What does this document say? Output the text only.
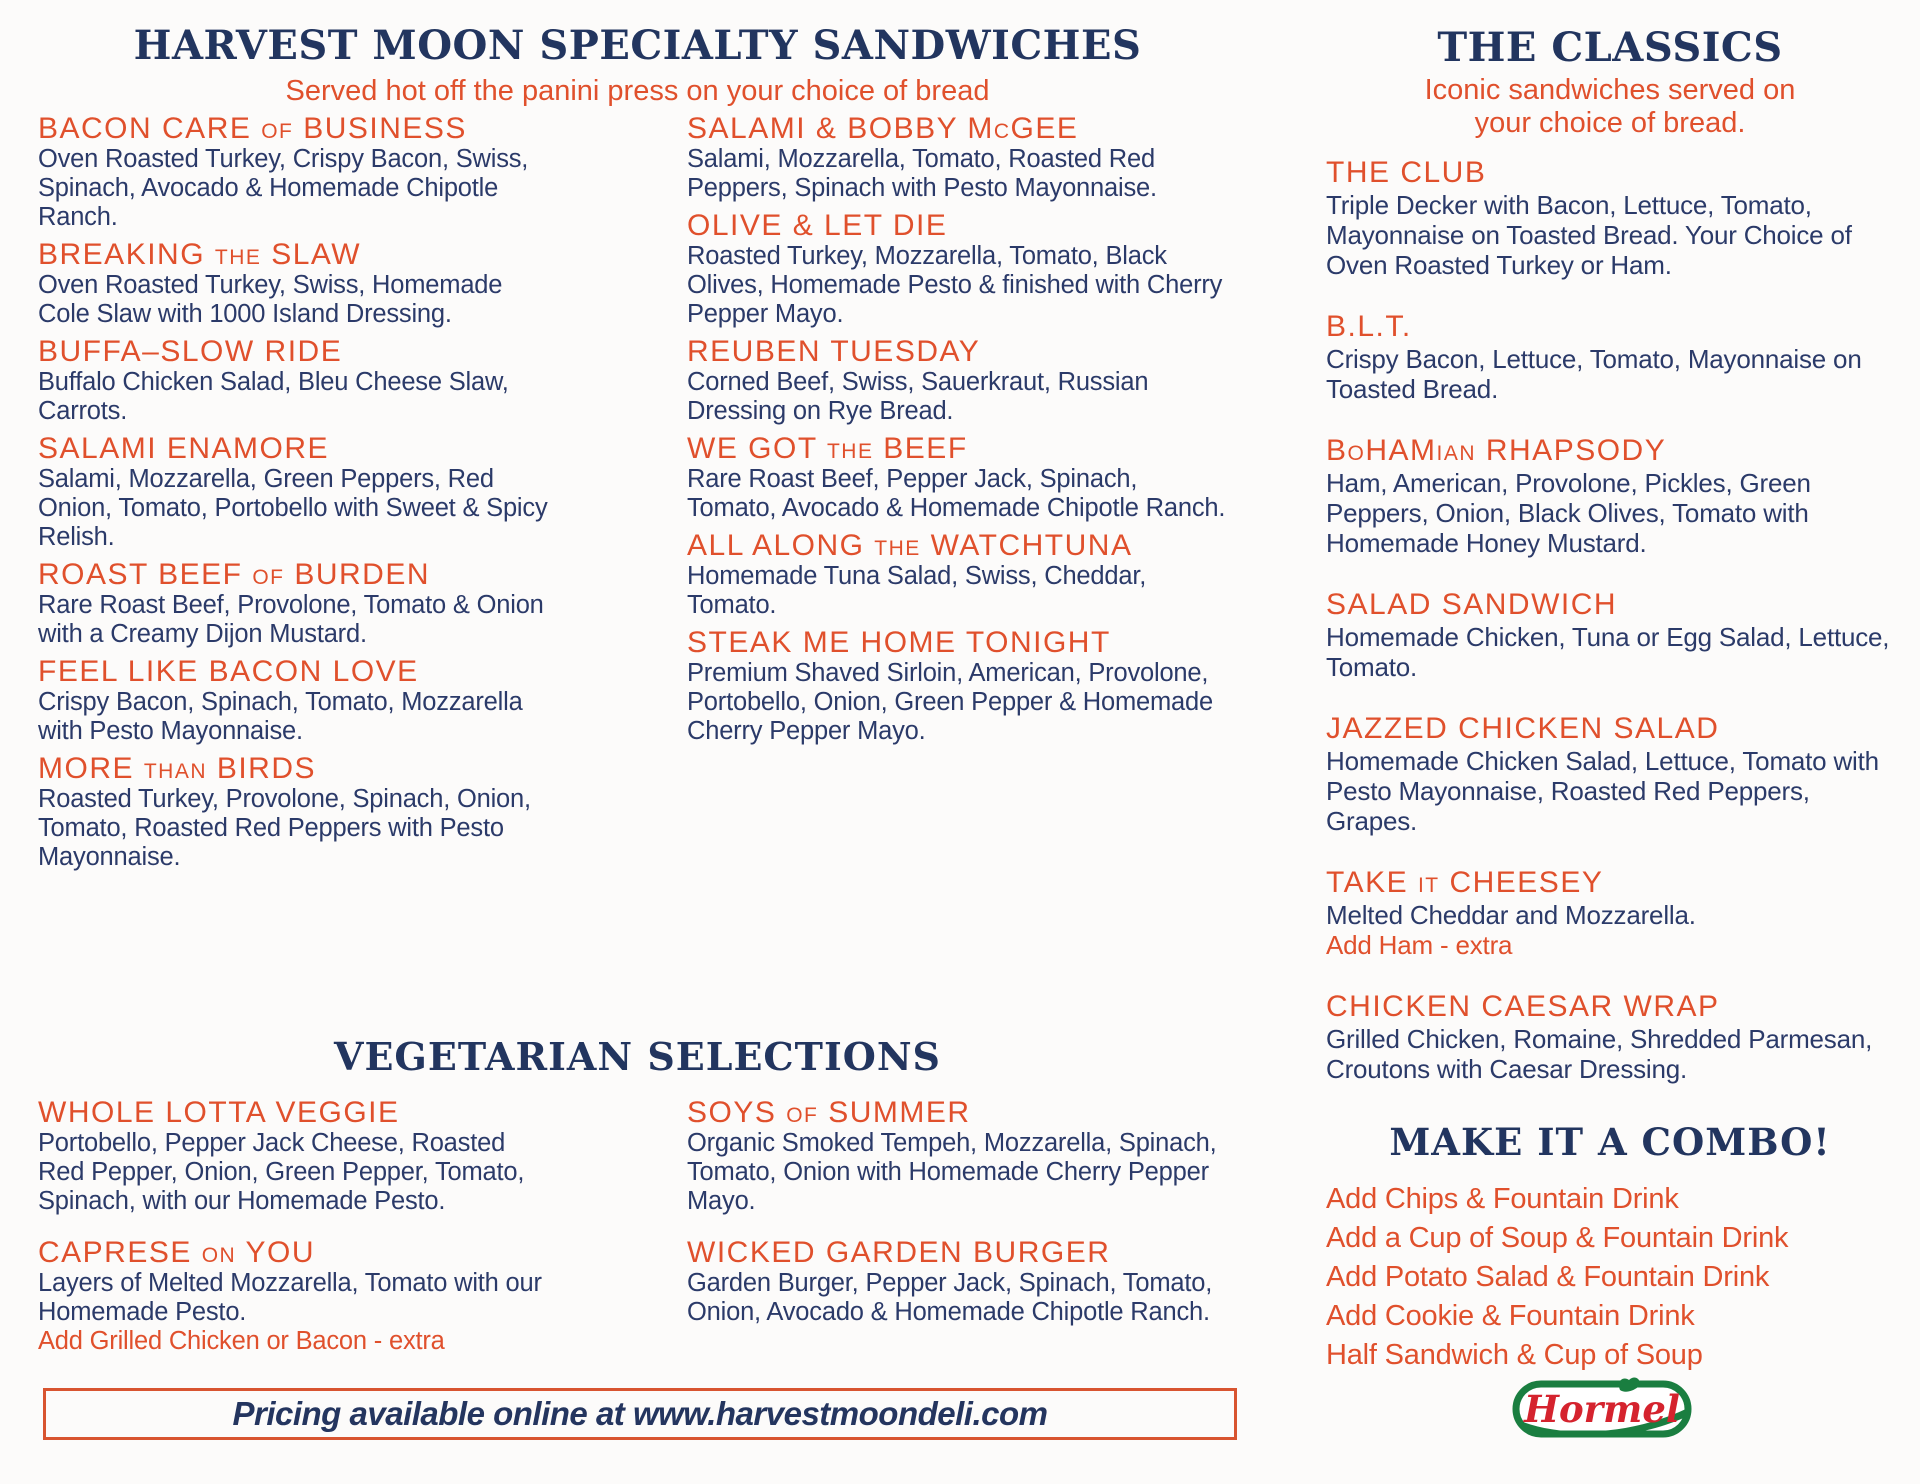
HARVEST MOON SPECIALTY SANDWICHES

Served hot off the panini press on your choice of bread

BACON CARE of BUSINESS

Oven Roasted Turkey, Crispy Bacon, Swiss, Spinach, Avocado & Homemade Chipotle Ranch.

BREAKING the SLAW

Oven Roasted Turkey, Swiss, Homemade Cole Slaw with 1000 Island Dressing.

BUFFA–SLOW RIDE

Buffalo Chicken Salad, Bleu Cheese Slaw, Carrots.

SALAMI ENAMORE

Salami, Mozzarella, Green Peppers, Red Onion, Tomato, Portobello with Sweet & Spicy Relish.

ROAST BEEF of BURDEN

Rare Roast Beef, Provolone, Tomato & Onion with a Creamy Dijon Mustard.

FEEL LIKE BACON LOVE

Crispy Bacon, Spinach, Tomato, Mozzarella with Pesto Mayonnaise.

MORE than BIRDS

Roasted Turkey, Provolone, Spinach, Onion, Tomato, Roasted Red Peppers with Pesto Mayonnaise.

SALAMI & BOBBY McGEE

Salami, Mozzarella, Tomato, Roasted Red Peppers, Spinach with Pesto Mayonnaise.

OLIVE & LET DIE

Roasted Turkey, Mozzarella, Tomato, Black Olives, Homemade Pesto & finished with Cherry Pepper Mayo.

REUBEN TUESDAY

Corned Beef, Swiss, Sauerkraut, Russian Dressing on Rye Bread.

WE GOT the BEEF

Rare Roast Beef, Pepper Jack, Spinach, Tomato, Avocado & Homemade Chipotle Ranch.

ALL ALONG the WATCHTUNA

Homemade Tuna Salad, Swiss, Cheddar, Tomato.

STEAK ME HOME TONIGHT

Premium Shaved Sirloin, American, Provolone, Portobello, Onion, Green Pepper & Homemade Cherry Pepper Mayo.

VEGETARIAN SELECTIONS
WHOLE LOTTA VEGGIE

Portobello, Pepper Jack Cheese, Roasted Red Pepper, Onion, Green Pepper, Tomato, Spinach, with our Homemade Pesto.

CAPRESE on YOU

Layers of Melted Mozzarella, Tomato with our Homemade Pesto.

Add Grilled Chicken or Bacon - extra

SOYS of SUMMER

Organic Smoked Tempeh, Mozzarella, Spinach, Tomato, Onion with Homemade Cherry Pepper Mayo.

WICKED GARDEN BURGER

Garden Burger, Pepper Jack, Spinach, Tomato, Onion, Avocado & Homemade Chipotle Ranch.

Pricing available online at www.harvestmoondeli.com
THE CLASSICS

Iconic sandwiches served on
your choice of bread.

THE CLUB

Triple Decker with Bacon, Lettuce, Tomato, Mayonnaise on Toasted Bread. Your Choice of Oven Roasted Turkey or Ham.

B.L.T.

Crispy Bacon, Lettuce, Tomato, Mayonnaise on Toasted Bread.

BoHAMian RHAPSODY

Ham, American, Provolone, Pickles, Green Peppers, Onion, Black Olives, Tomato with Homemade Honey Mustard.

SALAD SANDWICH

Homemade Chicken, Tuna or Egg Salad, Lettuce, Tomato.

JAZZED CHICKEN SALAD

Homemade Chicken Salad, Lettuce, Tomato with Pesto Mayonnaise, Roasted Red Peppers, Grapes.

TAKE it CHEESEY

Melted Cheddar and Mozzarella.

Add Ham - extra

CHICKEN CAESAR WRAP

Grilled Chicken, Romaine, Shredded Parmesan, Croutons with Caesar Dressing.

MAKE IT A COMBO!
Add Chips & Fountain Drink
Add a Cup of Soup & Fountain Drink
Add Potato Salad & Fountain Drink
Add Cookie & Fountain Drink
Half Sandwich & Cup of Soup
Hormel
